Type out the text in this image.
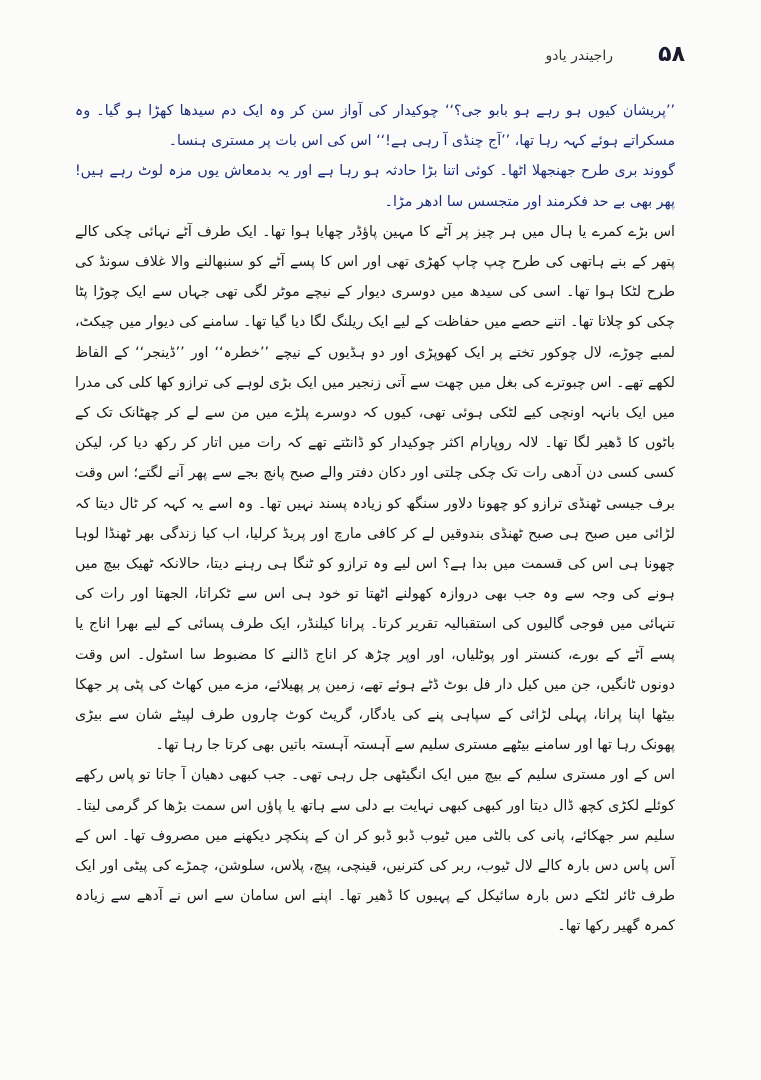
۵۸
راجیندر یادو

’’پریشان کیوں ہو رہے ہو بابو جی؟‘‘ چوکیدار کی آواز سن کر وہ ایک دم سیدھا کھڑا ہو گیا۔ وہ مسکراتے ہوئے کہہ رہا تھا، ’’آج چنڈی آ رہی ہے!‘‘ اس کی اس بات پر مستری ہنسا۔

گووند بری طرح جھنجھلا اٹھا۔ کوئی اتنا بڑا حادثہ ہو رہا ہے اور یہ بدمعاش یوں مزہ لوٹ رہے ہیں! پھر بھی بے حد فکرمند اور متجسس سا ادھر مڑا۔

اس بڑے کمرے یا ہال میں ہر چیز پر آٹے کا مہین پاؤڈر چھایا ہوا تھا۔ ایک طرف آٹے نہائی چکی کالے پتھر کے بنے ہاتھی کی طرح چپ چاپ کھڑی تھی اور اس کا پسے آٹے کو سنبھالنے والا غلاف سونڈ کی طرح لٹکا ہوا تھا۔ اسی کی سیدھ میں دوسری دیوار کے نیچے موٹر لگی تھی جہاں سے ایک چوڑا پٹا چکی کو چلاتا تھا۔ اتنے حصے میں حفاظت کے لیے ایک ریلنگ لگا دیا گیا تھا۔ سامنے کی دیوار میں چیکٹ، لمبے چوڑے، لال چوکور تختے پر ایک کھوپڑی اور دو ہڈیوں کے نیچے ’’خطرہ‘‘ اور ’’ڈینجر‘‘ کے الفاظ لکھے تھے۔ اس چبوترے کی بغل میں چھت سے آتی زنجیر میں ایک بڑی لوہے کی ترازو کھا کلی کی مدرا میں ایک بانہہ اونچی کیے لٹکی ہوئی تھی، کیوں کہ دوسرے پلڑے میں من سے لے کر چھٹانک تک کے باٹوں کا ڈھیر لگا تھا۔ لالہ روپارام اکثر چوکیدار کو ڈانٹتے تھے کہ رات میں اتار کر رکھ دیا کر، لیکن کسی کسی دن آدھی رات تک چکی چلتی اور دکان دفتر والے صبح پانچ بجے سے پھر آنے لگتے؛ اس وقت برف جیسی ٹھنڈی ترازو کو چھونا دلاور سنگھ کو زیادہ پسند نہیں تھا۔ وہ اسے یہ کہہ کر ٹال دیتا کہ لڑائی میں صبح ہی صبح ٹھنڈی بندوقیں لے کر کافی مارچ اور پریڈ کرلیا، اب کیا زندگی بھر ٹھنڈا لوہا چھونا ہی اس کی قسمت میں بدا ہے؟ اس لیے وہ ترازو کو ٹنگا ہی رہنے دیتا، حالانکہ ٹھیک بیچ میں ہونے کی وجہ سے وہ جب بھی دروازہ کھولنے اٹھتا تو خود ہی اس سے ٹکراتا، الجھتا اور رات کی تنہائی میں فوجی گالیوں کی استقبالیہ تقریر کرتا۔ پرانا کیلنڈر، ایک طرف پسائی کے لیے بھرا اناج یا پسے آٹے کے بورے، کنستر اور پوٹلیاں، اور اوپر چڑھ کر اناج ڈالنے کا مضبوط سا اسٹول۔ اس وقت دونوں ٹانگیں، جن میں کیل دار فل بوٹ ڈٹے ہوئے تھے، زمین پر پھیلائے، مزے میں کھاٹ کی پٹی پر جھکا بیٹھا اپنا پرانا، پہلی لڑائی کے سپاہی پنے کی یادگار، گریٹ کوٹ چاروں طرف لپیٹے شان سے بیڑی پھونک رہا تھا اور سامنے بیٹھے مستری سلیم سے آہستہ آہستہ باتیں بھی کرتا جا رہا تھا۔

اس کے اور مستری سلیم کے بیچ میں ایک انگیٹھی جل رہی تھی۔ جب کبھی دھیان آ جاتا تو پاس رکھے کوئلے لکڑی کچھ ڈال دیتا اور کبھی کبھی نہایت بے دلی سے ہاتھ یا پاؤں اس سمت بڑھا کر گرمی لیتا۔ سلیم سر جھکائے، پانی کی بالٹی میں ٹیوب ڈبو ڈبو کر ان کے پنکچر دیکھنے میں مصروف تھا۔ اس کے آس پاس دس بارہ کالے لال ٹیوب، ربر کی کترنیں، قینچی، پیچ، پلاس، سلوشن، چمڑے کی پیٹی اور ایک طرف ٹائر لٹکے دس بارہ سائیکل کے پہیوں کا ڈھیر تھا۔ اپنے اس سامان سے اس نے آدھے سے زیادہ کمرہ گھیر رکھا تھا۔
